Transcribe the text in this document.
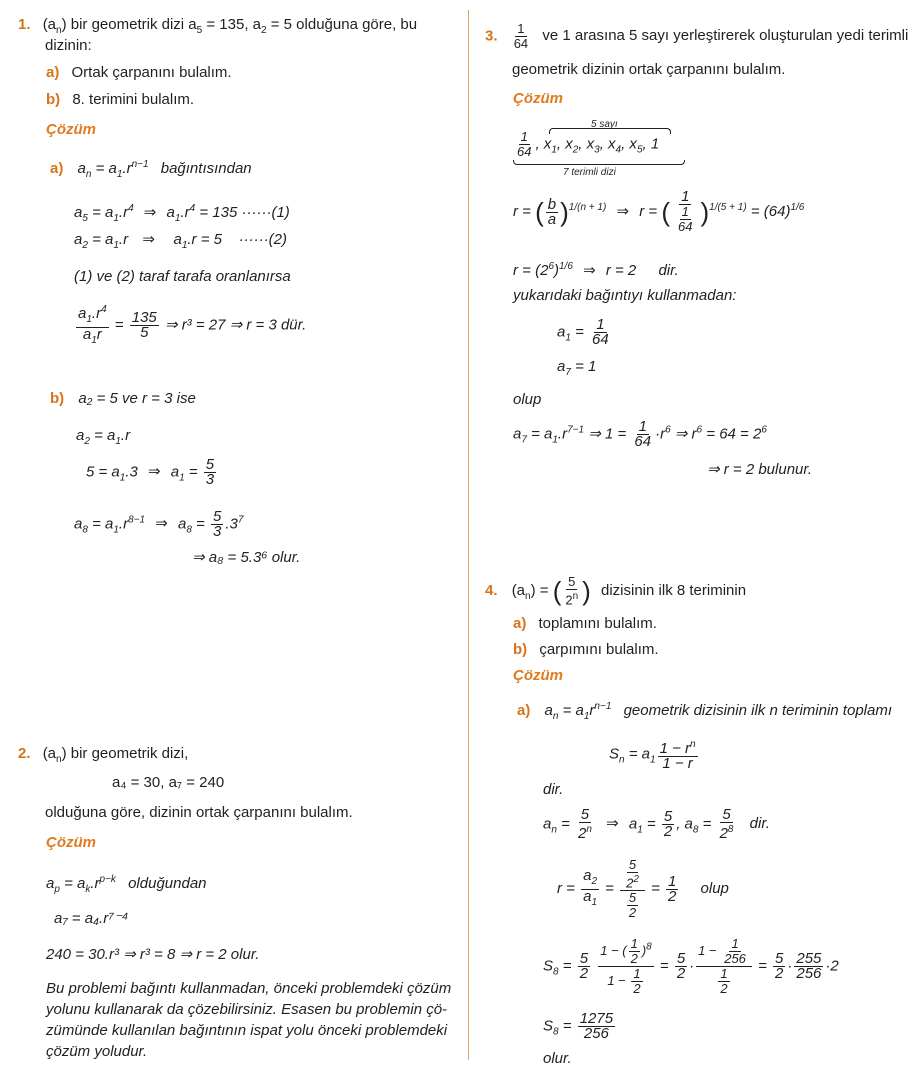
1. $(a_n)$ bir geometrik dizi $a_5 = 135$, $a_2 = 5$ olduğuna göre, bu
dizinin:
a) Ortak çarpanını bulalım.
b) 8. terimini bulalım.
Çözüm
a) $a_n = a_1.r^{n-1}$ bağıntısından
$a_5 = a_1.r^4$ ⇒ $a_1.r^4 = 135 \cdot\cdot\cdot\cdot\cdot\cdot(1)$
$a_2 = a_1.r$  ⇒   $a_1.r = 5$    ······(2)
(1) ve (2) taraf tarafa oranlanırsa
$\frac{a_1.r^4}{a_1r} = \frac{135}{5}$ ⇒ r³ = 27 ⇒ r = 3 dür.
b) a₂ = 5 ve r = 3 ise
$a_2 = a_1.r$
$5 = a_1.3$ ⇒ $a_1 = \frac{5}{3}$
$a_8 = a_1.r^{8-1}$ ⇒ $a_8 = \frac{5}{3} .3^7$
⇒ a₈ = 5.3⁶ olur.
2. $(a_n)$ bir geometrik dizi,
a₄ = 30, a₇ = 240
olduğuna göre, dizinin ortak çarpanını bulalım.
Çözüm
$a_p = a_k.r^{p-k}$ olduğundan
a₇ = a₄.r⁷⁻⁴
240 = 30.r³ ⇒ r³ = 8 ⇒ r = 2 olur.
Bu problemi bağıntı kullanmadan, önceki problemdeki çözüm
yolunu kullanarak da çözebilirsiniz. Esasen bu problemin çö-
zümünde kullanılan bağıntının ispat yolu önceki problemdeki
çözüm yoludur.
3. $\frac{1}{64}$ ve 1 arasına 5 sayı yerleştirerek oluşturulan yedi terimli
geometrik dizinin ortak çarpanını bulalım.
Çözüm
5 sayı
$\frac{1}{64}$ , $x_1$, $x_2$, $x_3$, $x_4$, $x_5$, 1
7 terimli dizi
r = ( $\frac{b}{a} )^{1/(n + 1)}$ ⇒ r = ( $\frac{1}{\frac{1}{64}} )^{1/(5 + 1)} = (64)^{1/6}$
$r = (2^6)^{1/6}$ ⇒ r = 2 dir.
yukarıdaki bağıntıyı kullanmadan:
$a_1 = \frac{1}{64}$
$a_7 = 1$
olup
$a_7 = a_1.r^{7-1}$ ⇒ $1 = \frac{1}{64} \cdot r^6$ ⇒ $r^6 = 64 = 2^6$
⇒ r = 2 bulunur.
4. $(a_n)$ = ( $\frac{5}{2^n}$ ) dizisinin ilk 8 teriminin
a) toplamını bulalım.
b) çarpımını bulalım.
Çözüm
a) $a_n = a_1r^{n-1}$ geometrik dizisinin ilk n teriminin toplamı
$S_n = a_1 \frac{1 - r^n}{1 - r}$
dir.
$a_n = \frac{5}{2^n}$ ⇒ $a_1 = \frac{5}{2}$ , $a_8 = \frac{5}{2^8}$ dir.
$r = \frac{a_2}{a_1} = \frac{\frac{5}{2^2}}{\frac{5}{2}} = \frac{1}{2}$ olup
$S_8 = \frac{5}{2}$
$\frac{1 - ( \frac{1}{2} )^8}{1 - \frac{1}{2}} = \frac{5}{2} \cdot \frac{1 - \frac{1}{256}}{\frac{1}{2}} = \frac{5}{2} \cdot \frac{255}{256} \cdot 2$
$S_8 = \frac{1275}{256}$
olur.
